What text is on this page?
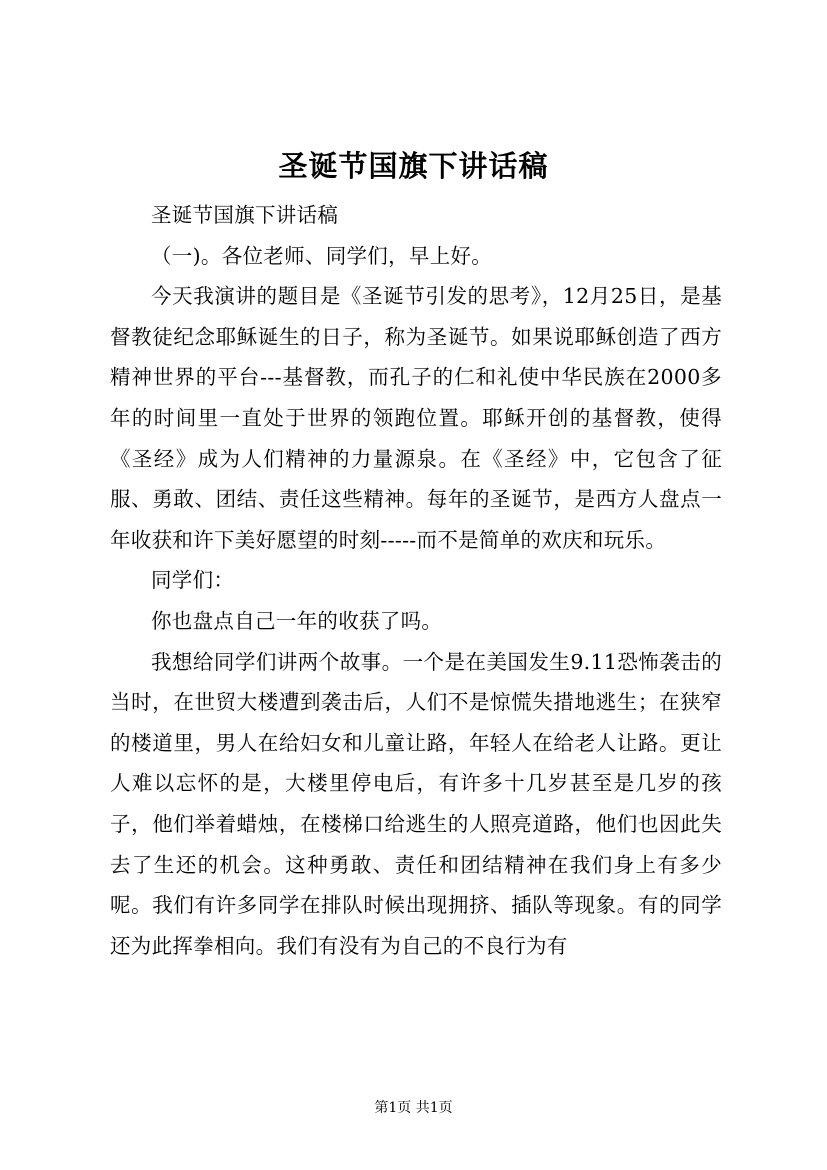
圣诞节国旗下讲话稿

圣诞节国旗下讲话稿

（一)。各位老师、同学们，早上好。

今天我演讲的题目是《圣诞节引发的思考》，12月25日，是基督教徒纪念耶稣诞生的日子，称为圣诞节。如果说耶稣创造了西方精神世界的平台---基督教，而孔子的仁和礼使中华民族在2000多年的时间里一直处于世界的领跑位置。耶稣开创的基督教，使得《圣经》成为人们精神的力量源泉。在《圣经》中，它包含了征服、勇敢、团结、责任这些精神。每年的圣诞节，是西方人盘点一年收获和许下美好愿望的时刻-----而不是简单的欢庆和玩乐。

同学们：

你也盘点自己一年的收获了吗。

我想给同学们讲两个故事。一个是在美国发生9.11恐怖袭击的当时，在世贸大楼遭到袭击后，人们不是惊慌失措地逃生；在狭窄的楼道里，男人在给妇女和儿童让路，年轻人在给老人让路。更让人难以忘怀的是，大楼里停电后，有许多十几岁甚至是几岁的孩子，他们举着蜡烛，在楼梯口给逃生的人照亮道路，他们也因此失去了生还的机会。这种勇敢、责任和团结精神在我们身上有多少呢。我们有许多同学在排队时候出现拥挤、插队等现象。有的同学还为此挥拳相向。我们有没有为自己的不良行为有

第1页 共1页
